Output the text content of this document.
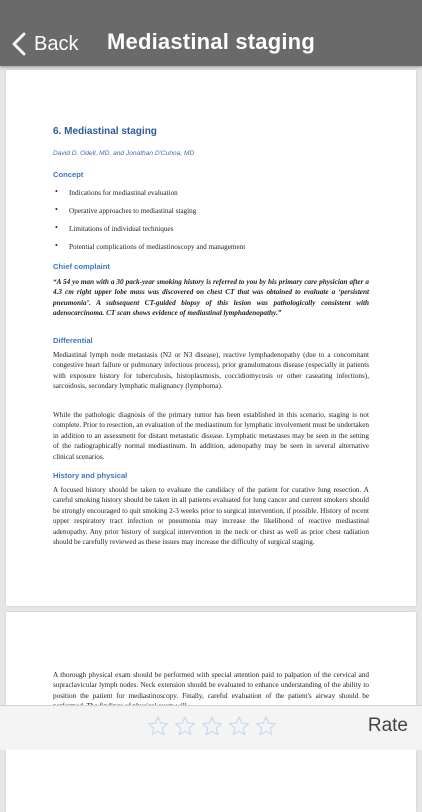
Back	Mediastinal staging
6. Mediastinal staging

David D. Odell, MD, and Jonathan D'Cuhna, MD

Concept
• Indications for mediastinal evaluation
• Operative approaches to mediastinal staging
• Limitations of individual techniques
• Potential complications of mediastinoscopy and management
Chief complaint

“A 54 yo man with a 30 pack-year smoking history is referred to you by his primary care physician after a 4.3 cm right upper lobe mass was discovered on chest CT that was obtained to evaluate a ‘persistent pneumonia’. A subsequent CT-guided biopsy of this lesion was pathologically consistent with adenocarcinoma. CT scan shows evidence of mediastinal lymphadenopathy.”

Differential

Mediastinal lymph node metastasis (N2 or N3 disease), reactive lymphadenopathy (due to a concomitant congestive heart failure or pulmonary infectious process), prior granulomatous disease (especially in patients with exposure history for tuberculosis, histoplasmosis, coccidiomycosis or other caseating infections), sarcoidosis, secondary lymphatic malignancy (lymphoma).

While the pathologic diagnosis of the primary tumor has been established in this scenario, staging is not complete. Prior to resection, an evaluation of the mediastinum for lymphatic involvement must be undertaken in addition to an assessment for distant metastatic disease. Lymphatic metastases may be seen in the setting of the radiographically normal mediastinum. In addition, adenopathy may be seen in several alternative clinical scenarios.

History and physical

A focused history should be taken to evaluate the candidacy of the patient for curative lung resection. A careful smoking history should be taken in all patients evaluated for lung cancer and current smokers should be strongly encouraged to quit smoking 2-3 weeks prior to surgical intervention, if possible. History of recent upper respiratory tract infection or pneumonia may increase the likelihood of reactive mediastinal adenopathy. Any prior history of surgical intervention in the neck or chest as well as prior chest radiation should be carefully reviewed as these issues may increase the difficulty of surgical staging.

A thorough physical exam should be performed with special attention paid to palpation of the cervical and supraclavicular lymph nodes. Neck extension should be evaluated to enhance understanding of the ability to position the patient for mediastinoscopy. Finally, careful evaluation of the patient's airway should be

Rate
